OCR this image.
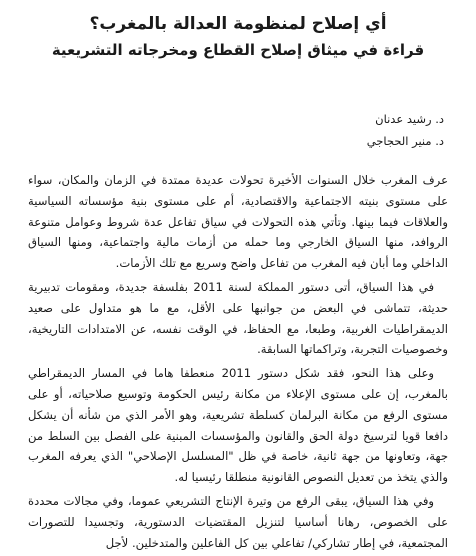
أي إصلاح لمنظومة العدالة بالمغرب؟
قراءة في ميثاق إصلاح القطاع ومخرجاته التشريعية
د. رشيد عدنان
د. منير الحجاجي

عرف المغرب خلال السنوات الأخيرة تحولات عديدة ممتدة في الزمان والمكان، سواء على مستوى بنيته الاجتماعية والاقتصادية، أم على مستوى بنية مؤسساته السياسية والعلاقات فيما بينها. وتأتي هذه التحولات في سياق تفاعل عدة شروط وعوامل متنوعة الروافد، منها السياق الخارجي وما حمله من أزمات مالية واجتماعية، ومنها السياق الداخلي وما أبان فيه المغرب من تفاعل واضح وسريع مع تلك الأزمات.

في هذا السياق، أتى دستور المملكة لسنة 2011 بفلسفة جديدة، ومقومات تدبيرية حديثة، تتماشى في البعض من جوانبها على الأقل، مع ما هو متداول على صعيد الديمقراطيات الغربية، وطبعا، مع الحفاظ، في الوقت نفسه، عن الامتدادات التاريخية، وخصوصيات التجربة، وتراكماتها السابقة.

وعلى هذا النحو، فقد شكل دستور 2011 منعطفا هاما في المسار الديمقراطي بالمغرب، إن على مستوى الإعلاء من مكانة رئيس الحكومة وتوسيع صلاحياته، أو على مستوى الرفع من مكانة البرلمان كسلطة تشريعية، وهو الأمر الذي من شأنه أن يشكل دافعا قويا لترسيخ دولة الحق والقانون والمؤسسات المبنية على الفصل بين السلط من جهة، وتعاونها من جهة ثانية، خاصة في ظل "المسلسل الإصلاحي" الذي يعرفه المغرب والذي يتخذ من تعديل النصوص القانونية منطلقا رئيسيا له.

وفي هذا السياق، يبقى الرفع من وتيرة الإنتاج التشريعي عموما، وفي مجالات محددة على الخصوص، رهانا أساسيا لتنزيل المقتضيات الدستورية، وتجسيدا للتصورات المجتمعية، في إطار تشاركي/ تفاعلي بين كل الفاعلين والمتدخلين. لأجل
